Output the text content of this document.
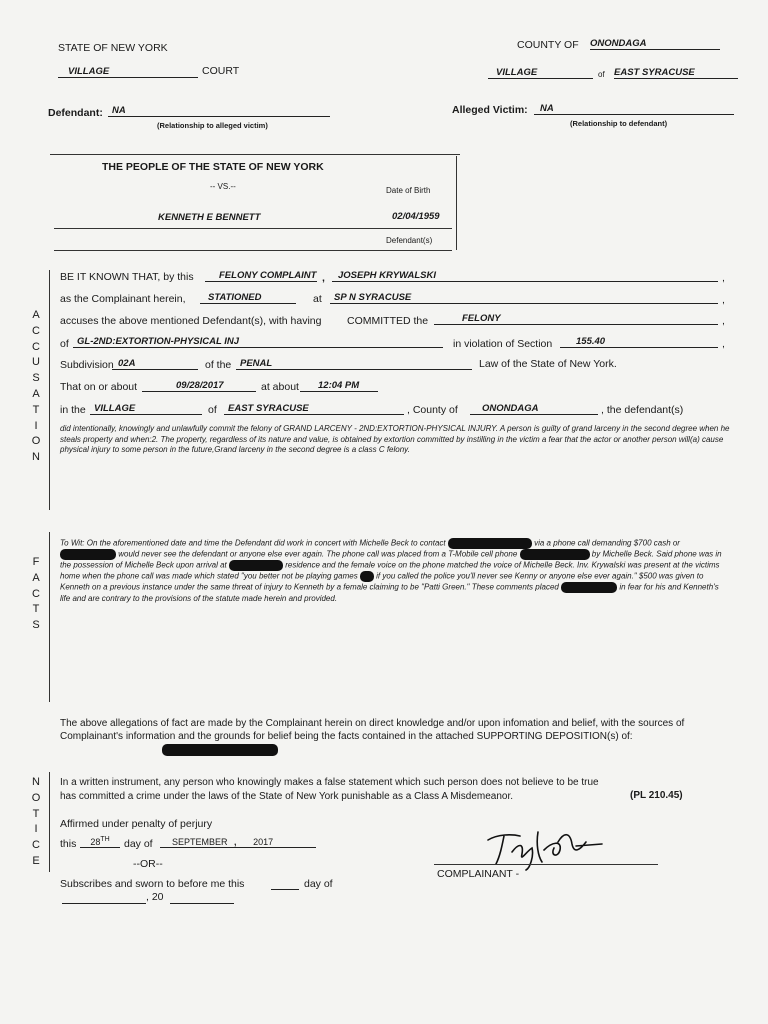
STATE OF NEW YORK	COUNTY OF ONONDAGA
VILLAGE	COURT	VILLAGE	of EAST SYRACUSE
Defendant: NA
(Relationship to alleged victim)
Alleged Victim:	NA
(Relationship to defendant)
THE PEOPLE OF THE STATE OF NEW YORK
-- VS.--	Date of Birth
KENNETH E BENNETT	02/04/1959
Defendant(s)
A
C
C
U
S
A
T
I
O
N
BE IT KNOWN THAT, by this	FELONY COMPLAINT ,	JOSEPH KRYWALSKI	,
as the Complainant herein,	STATIONED	at	SP N SYRACUSE	,
accuses the above mentioned Defendant(s), with having COMMITTED the	FELONY	,
of GL-2ND:EXTORTION-PHYSICAL INJ	in violation of Section	155.40	,
Subdivision 02A	of the PENAL	Law of the State of New York.
That on or about	09/28/2017	at about	12:04 PM
in the VILLAGE	of	EAST SYRACUSE	, County of	ONONDAGA	, the defendant(s)
did intentionally, knowingly and unlawfully commit the felony of GRAND LARCENY - 2ND:EXTORTION-PHYSICAL INJURY. A person is guilty of grand larceny in the second degree when he steals property and when:2. The property, regardless of its nature and value, is obtained by extortion committed by instilling in the victim a fear that the actor or another person will(a) cause physical injury to some person in the future,Grand larceny in the second degree is a class C felony.
F
A
C
T
S
To Wit: On the aforementioned date and time the Defendant did work in concert with Michelle Beck to contact	via a phone call demanding $700 cash or  would never see the defendant or anyone else ever again. The phone call was placed from a T-Mobile cell phone	by Michelle Beck. Said phone was in the possession of Michelle Beck upon arrival at	residence and the female voice on the phone matched the voice of Michelle Beck. Inv. Krywalski was present at the victims home when the phone call was made which stated "you better not be playing games if you called the police you'll never see Kenny or anyone else ever again." $500 was given to Kenneth on a previous instance under the same threat of injury to Kenneth by a female claiming to be "Patti Green." These comments placed	in fear for his and Kenneth's life and are contrary to the provisions of the statute made herein and provided.
The above allegations of fact are made by the Complainant herein on direct knowledge and/or upon infomation and belief, with the sources of Complainant's information and the grounds for belief being the facts contained in the attached SUPPORTING DEPOSITION(s) of:
N
O
T
I
C
E
In a written instrument, any person who knowingly makes a false statement which such person does not believe to be true
has committed a crime under the laws of the State of New York punishable as a Class A Misdemeanor.	(PL 210.45)
Affirmed under penalty of perjury
this	28TH	day of	SEPTEMBER , 2017
--OR--
Subscribes and sworn to before me this	day of
, 20
COMPLAINANT -
